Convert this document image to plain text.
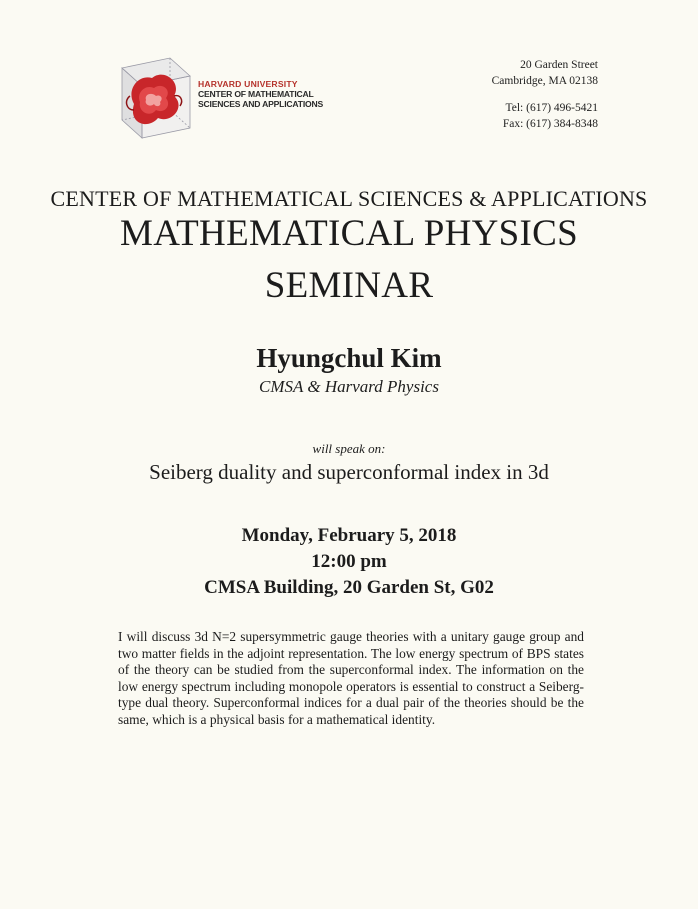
HARVARD UNIVERSITY
CENTER OF MATHEMATICAL
SCIENCES AND APPLICATIONS
20 Garden Street
Cambridge, MA 02138
Tel: (617) 496-5421
Fax: (617) 384-8348
CENTER OF MATHEMATICAL SCIENCES & APPLICATIONS
MATHEMATICAL PHYSICS
SEMINAR
Hyungchul Kim
CMSA & Harvard Physics
will speak on:
Seiberg duality and superconformal index in 3d
Monday, February 5, 2018
12:00 pm
CMSA Building, 20 Garden St, G02
I will discuss 3d N=2 supersymmetric gauge theories with a unitary gauge group and two matter fields in the adjoint representation. The low energy spectrum of BPS states of the theory can be studied from the superconformal index. The information on the low energy spectrum including monopole operators is essential to construct a Seiberg-type dual theory. Superconformal indices for a dual pair of the theories should be the same, which is a physical basis for a mathematical identity.
